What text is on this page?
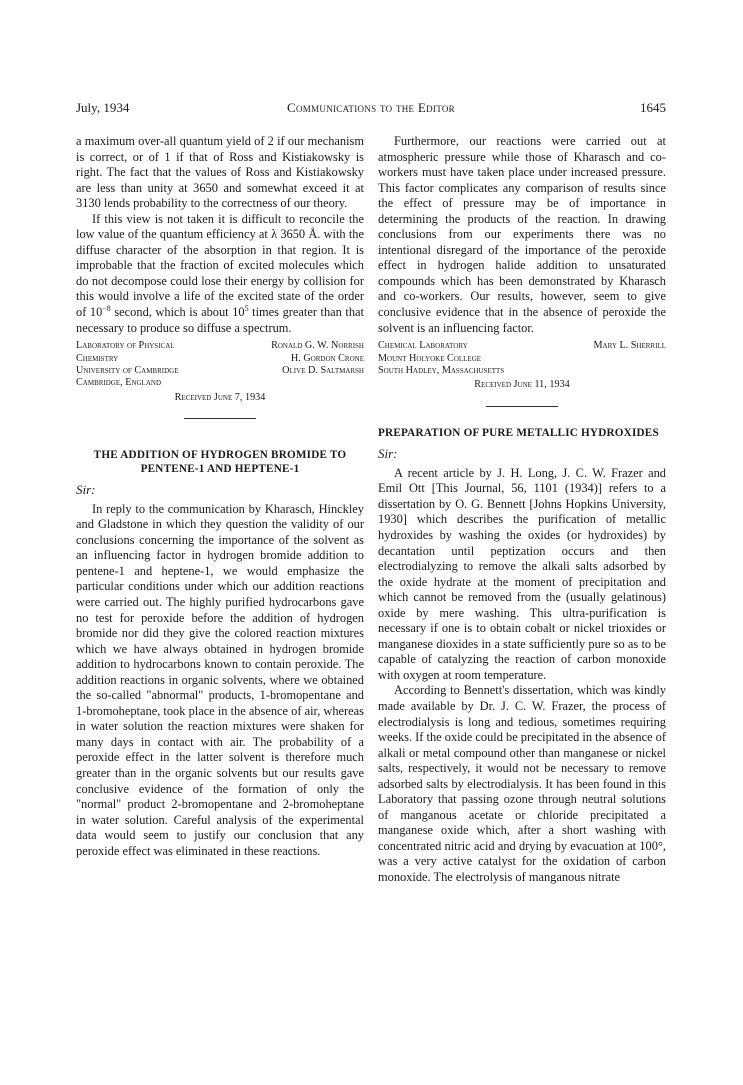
July, 1934	Communications to the Editor	1645

a maximum over-all quantum yield of 2 if our mechanism is correct, or of 1 if that of Ross and Kistiakowsky is right. The fact that the values of Ross and Kistiakowsky are less than unity at 3650 and somewhat exceed it at 3130 lends probability to the correctness of our theory.

If this view is not taken it is difficult to reconcile the low value of the quantum efficiency at λ 3650 Å. with the diffuse character of the absorption in that region. It is improbable that the fraction of excited molecules which do not decompose could lose their energy by collision for this would involve a life of the excited state of the order of $10^{-8}$ second, which is about $10^5$ times greater than that necessary to produce so diffuse a spectrum.

Laboratory of Physical	Ronald G. W. Norrish
Chemistry	H. Gordon Crone
University of Cambridge	Olive D. Saltmarsh
Cambridge, England
Received June 7, 1934
THE ADDITION OF HYDROGEN BROMIDE TO PENTENE-1 AND HEPTENE-1
Sir:

In reply to the communication by Kharasch, Hinckley and Gladstone in which they question the validity of our conclusions concerning the importance of the solvent as an influencing factor in hydrogen bromide addition to pentene-1 and heptene-1, we would emphasize the particular conditions under which our addition reactions were carried out. The highly purified hydrocarbons gave no test for peroxide before the addition of hydrogen bromide nor did they give the colored reaction mixtures which we have always obtained in hydrogen bromide addition to hydrocarbons known to contain peroxide. The addition reactions in organic solvents, where we obtained the so-called "abnormal" products, 1-bromopentane and 1-bromoheptane, took place in the absence of air, whereas in water solution the reaction mixtures were shaken for many days in contact with air. The probability of a peroxide effect in the latter solvent is therefore much greater than in the organic solvents but our results gave conclusive evidence of the formation of only the "normal" product 2-bromopentane and 2-bromoheptane in water solution. Careful analysis of the experimental data would seem to justify our conclusion that any peroxide effect was eliminated in these reactions.

Furthermore, our reactions were carried out at atmospheric pressure while those of Kharasch and co-workers must have taken place under increased pressure. This factor complicates any comparison of results since the effect of pressure may be of importance in determining the products of the reaction. In drawing conclusions from our experiments there was no intentional disregard of the importance of the peroxide effect in hydrogen halide addition to unsaturated compounds which has been demonstrated by Kharasch and co-workers. Our results, however, seem to give conclusive evidence that in the absence of peroxide the solvent is an influencing factor.

Chemical Laboratory	Mary L. Sherrill
Mount Holyoke College
South Hadley, Massachusetts
Received June 11, 1934
PREPARATION OF PURE METALLIC HYDROXIDES
Sir:

A recent article by J. H. Long, J. C. W. Frazer and Emil Ott [This Journal, 56, 1101 (1934)] refers to a dissertation by O. G. Bennett [Johns Hopkins University, 1930] which describes the purification of metallic hydroxides by washing the oxides (or hydroxides) by decantation until peptization occurs and then electrodialyzing to remove the alkali salts adsorbed by the oxide hydrate at the moment of precipitation and which cannot be removed from the (usually gelatinous) oxide by mere washing. This ultra-purification is necessary if one is to obtain cobalt or nickel trioxides or manganese dioxides in a state sufficiently pure so as to be capable of catalyzing the reaction of carbon monoxide with oxygen at room temperature.

According to Bennett's dissertation, which was kindly made available by Dr. J. C. W. Frazer, the process of electrodialysis is long and tedious, sometimes requiring weeks. If the oxide could be precipitated in the absence of alkali or metal compound other than manganese or nickel salts, respectively, it would not be necessary to remove adsorbed salts by electrodialysis. It has been found in this Laboratory that passing ozone through neutral solutions of manganous acetate or chloride precipitated a manganese oxide which, after a short washing with concentrated nitric acid and drying by evacuation at 100°, was a very active catalyst for the oxidation of carbon monoxide. The electrolysis of manganous nitrate
